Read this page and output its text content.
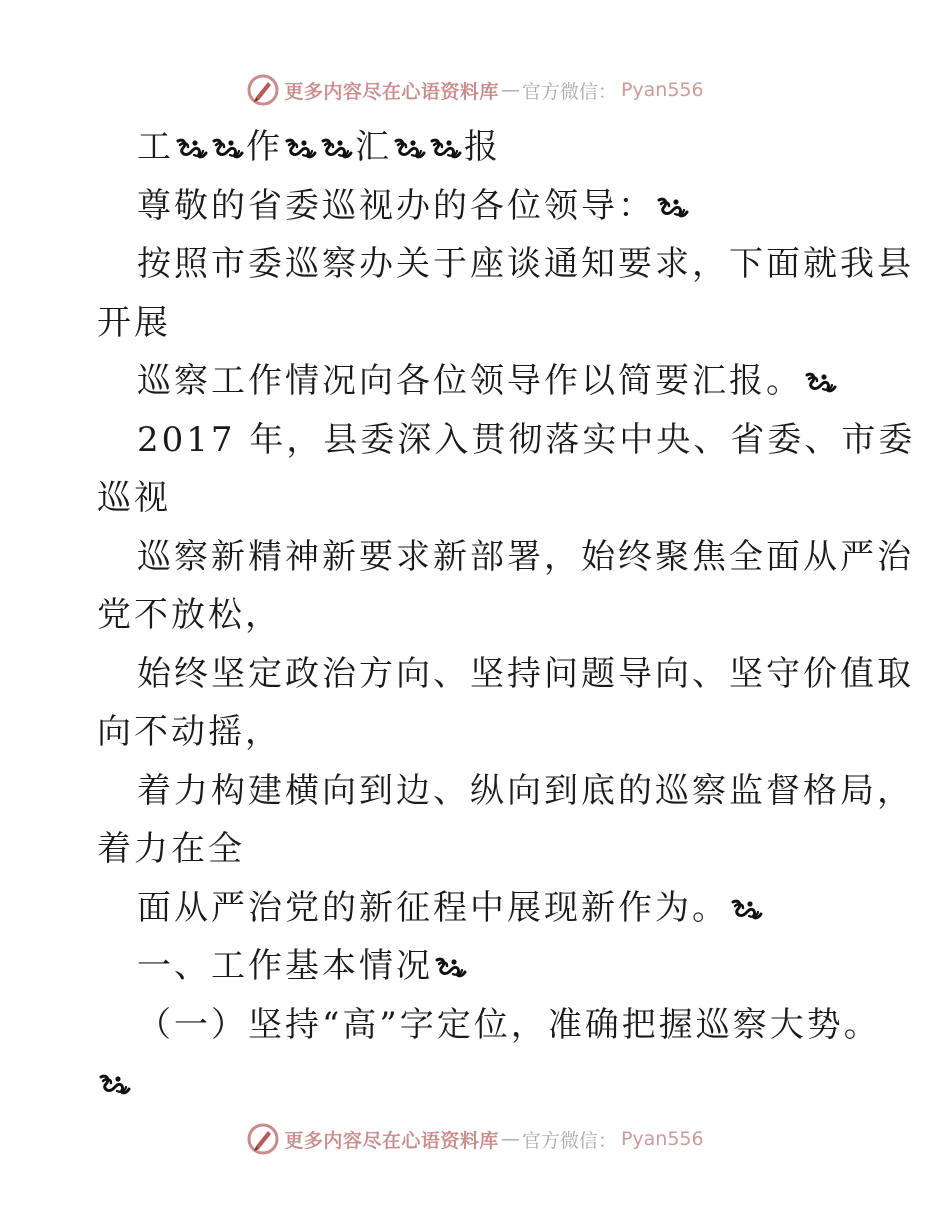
更多内容尽在心语资料库 — 官方微信： Pyan556
工 作 汇 报
尊敬的省委巡视办的各位领导：
按照市委巡察办关于座谈通知要求，下面就我县
开展
巡察工作情况向各位领导作以简要汇报。
2017 年，县委深入贯彻落实中央、省委、市委
巡视
巡察新精神新要求新部署，始终聚焦全面从严治
党不放松，
始终坚定政治方向、坚持问题导向、坚守价值取
向不动摇，
着力构建横向到边、纵向到底的巡察监督格局，
着力在全
面从严治党的新征程中展现新作为。
一、工作基本情况
（一）坚持“高”字定位，准确把握巡察大势。
更多内容尽在心语资料库 — 官方微信： Pyan556
